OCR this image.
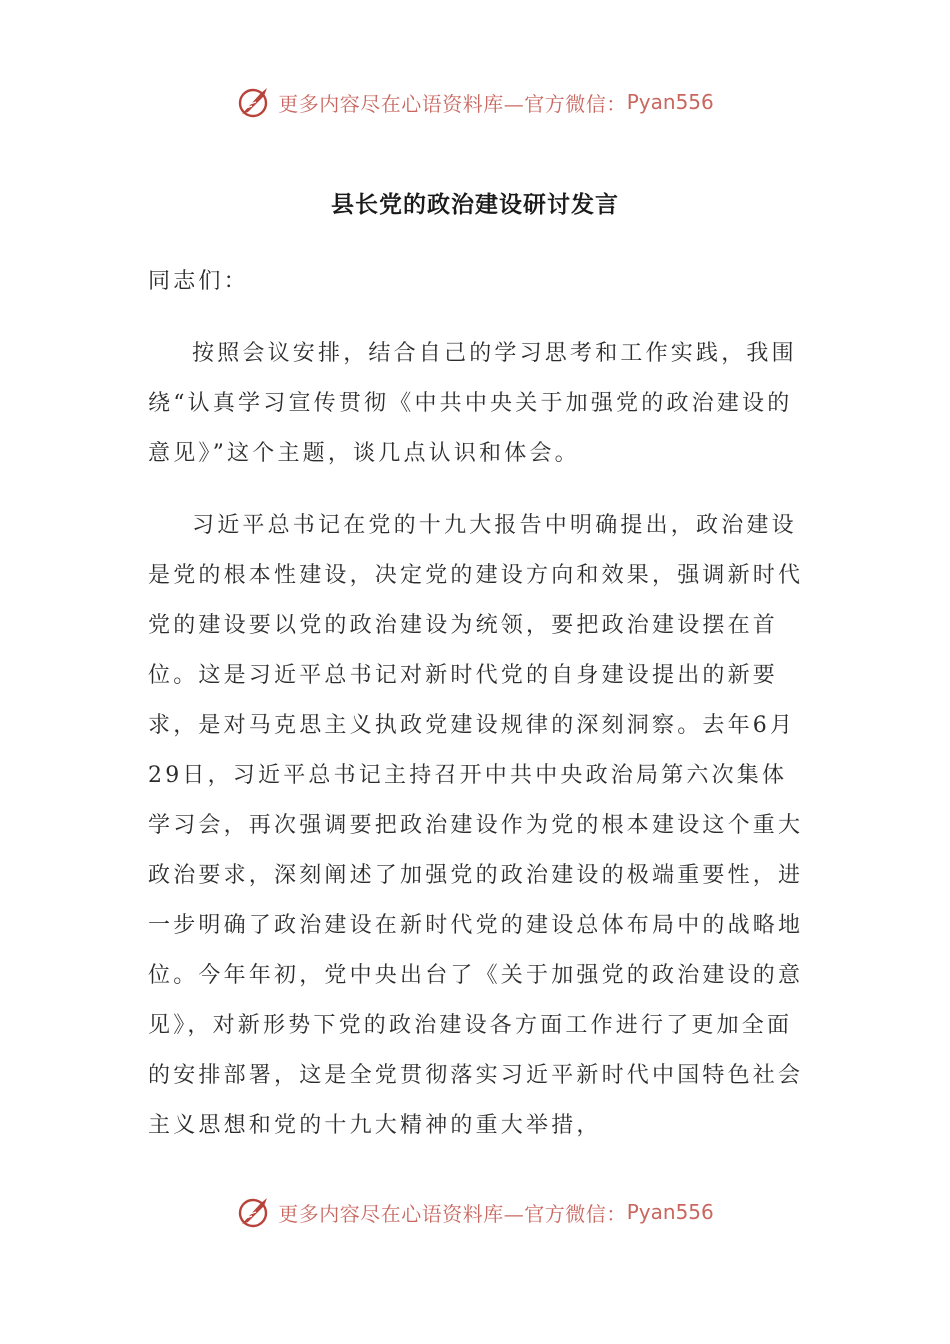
更多内容尽在心语资料库—官方微信： Pyan556
县长党的政治建设研讨发言

同志们：

按照会议安排，结合自己的学习思考和工作实践，我围绕“认真学习宣传贯彻《中共中央关于加强党的政治建设的意见》”这个主题，谈几点认识和体会。

习近平总书记在党的十九大报告中明确提出，政治建设是党的根本性建设，决定党的建设方向和效果，强调新时代党的建设要以党的政治建设为统领，要把政治建设摆在首位。这是习近平总书记对新时代党的自身建设提出的新要求，是对马克思主义执政党建设规律的深刻洞察。去年6月29日，习近平总书记主持召开中共中央政治局第六次集体学习会，再次强调要把政治建设作为党的根本建设这个重大政治要求，深刻阐述了加强党的政治建设的极端重要性，进一步明确了政治建设在新时代党的建设总体布局中的战略地位。今年年初，党中央出台了《关于加强党的政治建设的意见》，对新形势下党的政治建设各方面工作进行了更加全面的安排部署，这是全党贯彻落实习近平新时代中国特色社会主义思想和党的十九大精神的重大举措，

更多内容尽在心语资料库—官方微信： Pyan556
